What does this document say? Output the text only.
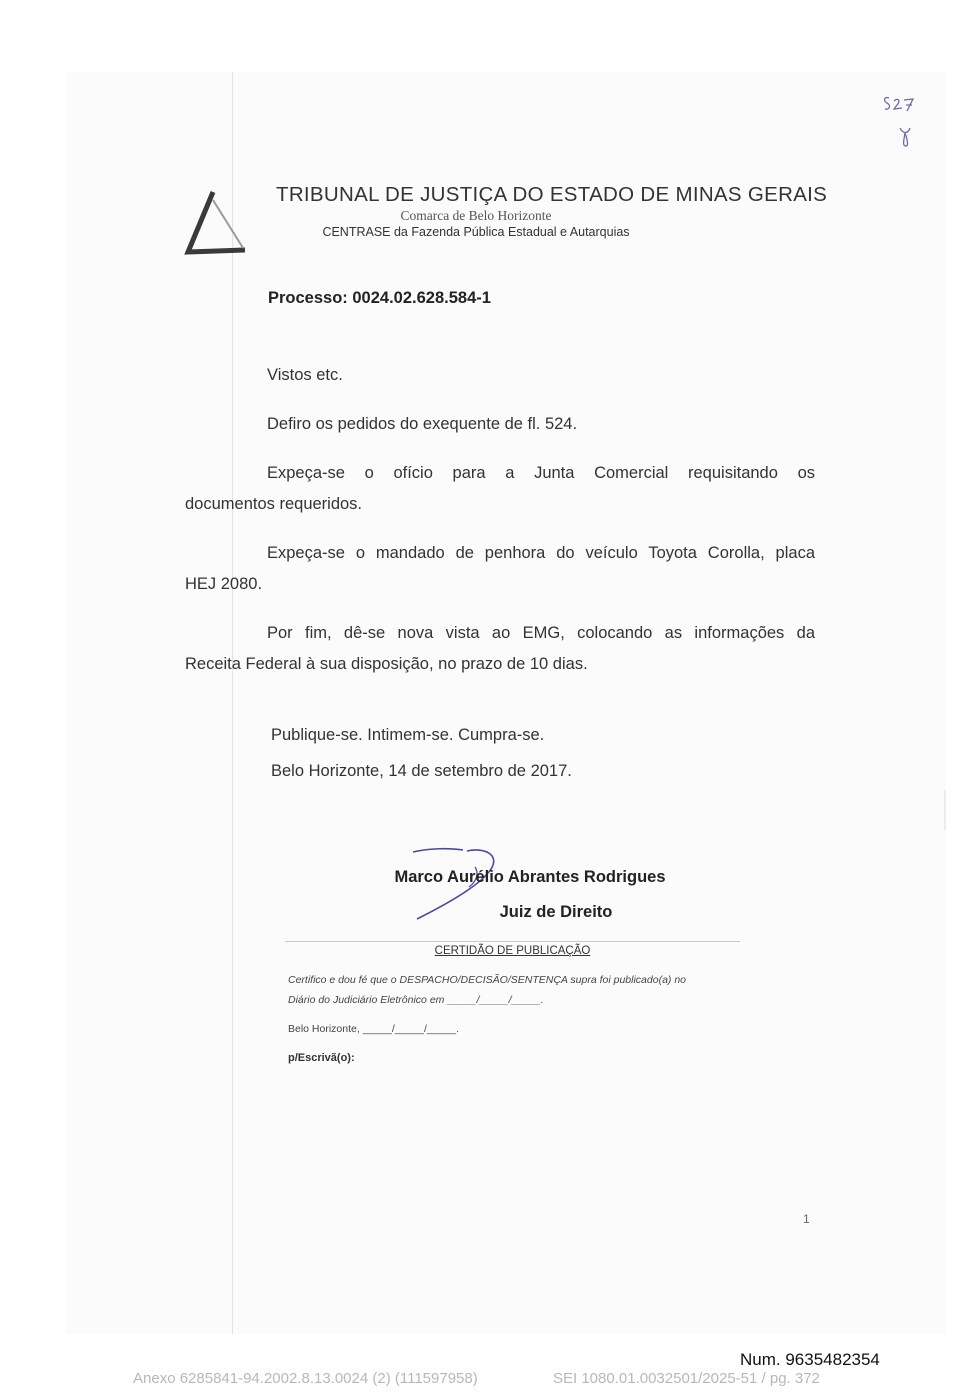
TRIBUNAL DE JUSTIÇA DO ESTADO DE MINAS GERAIS
Comarca de Belo Horizonte
CENTRASE da Fazenda Pública Estadual e Autarquias
Processo: 0024.02.628.584-1
Vistos etc.
Defiro os pedidos do exequente de fl. 524.
Expeça-se o ofício para a Junta Comercial requisitando os
documentos requeridos.
Expeça-se o mandado de penhora do veículo Toyota Corolla, placa
HEJ 2080.
Por fim, dê-se nova vista ao EMG, colocando as informações da
Receita Federal à sua disposição, no prazo de 10 dias.
Publique-se. Intimem-se. Cumpra-se.
Belo Horizonte, 14 de setembro de 2017.
Marco Aurélio Abrantes Rodrigues
Juiz de Direito
CERTIDÃO DE PUBLICAÇÃO
Certifico e dou fé que o DESPACHO/DECISÃO/SENTENÇA supra foi publicado(a) no
Diário do Judiciário Eletrônico em _____/_____/_____.
Belo Horizonte, _____/_____/_____.
p/Escrivã(o):
1
Num. 9635482354
Anexo 6285841-94.2002.8.13.0024 (2) (111597958)	SEI 1080.01.0032501/2025-51 / pg. 372
